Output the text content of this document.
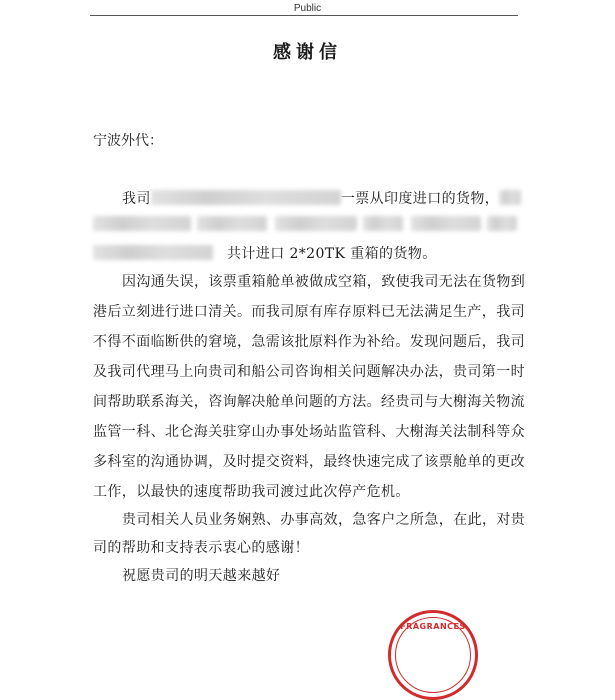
Public
感谢信
宁波外代：
我司	一票从印度进口的货物，
共计进口 2*20TK 重箱的货物。
因沟通失误，该票重箱舱单被做成空箱，致使我司无法在货物到
港后立刻进行进口清关。而我司原有库存原料已无法满足生产，我司
不得不面临断供的窘境，急需该批原料作为补给。发现问题后，我司
及我司代理马上向贵司和船公司咨询相关问题解决办法，贵司第一时
间帮助联系海关，咨询解决舱单问题的方法。经贵司与大榭海关物流
监管一科、北仑海关驻穿山办事处场站监管科、大榭海关法制科等众
多科室的沟通协调，及时提交资料，最终快速完成了该票舱单的更改
工作，以最快的速度帮助我司渡过此次停产危机。
贵司相关人员业务娴熟、办事高效，急客户之所急，在此，对贵
司的帮助和支持表示衷心的感谢！
祝愿贵司的明天越来越好
FRAGRANCES
